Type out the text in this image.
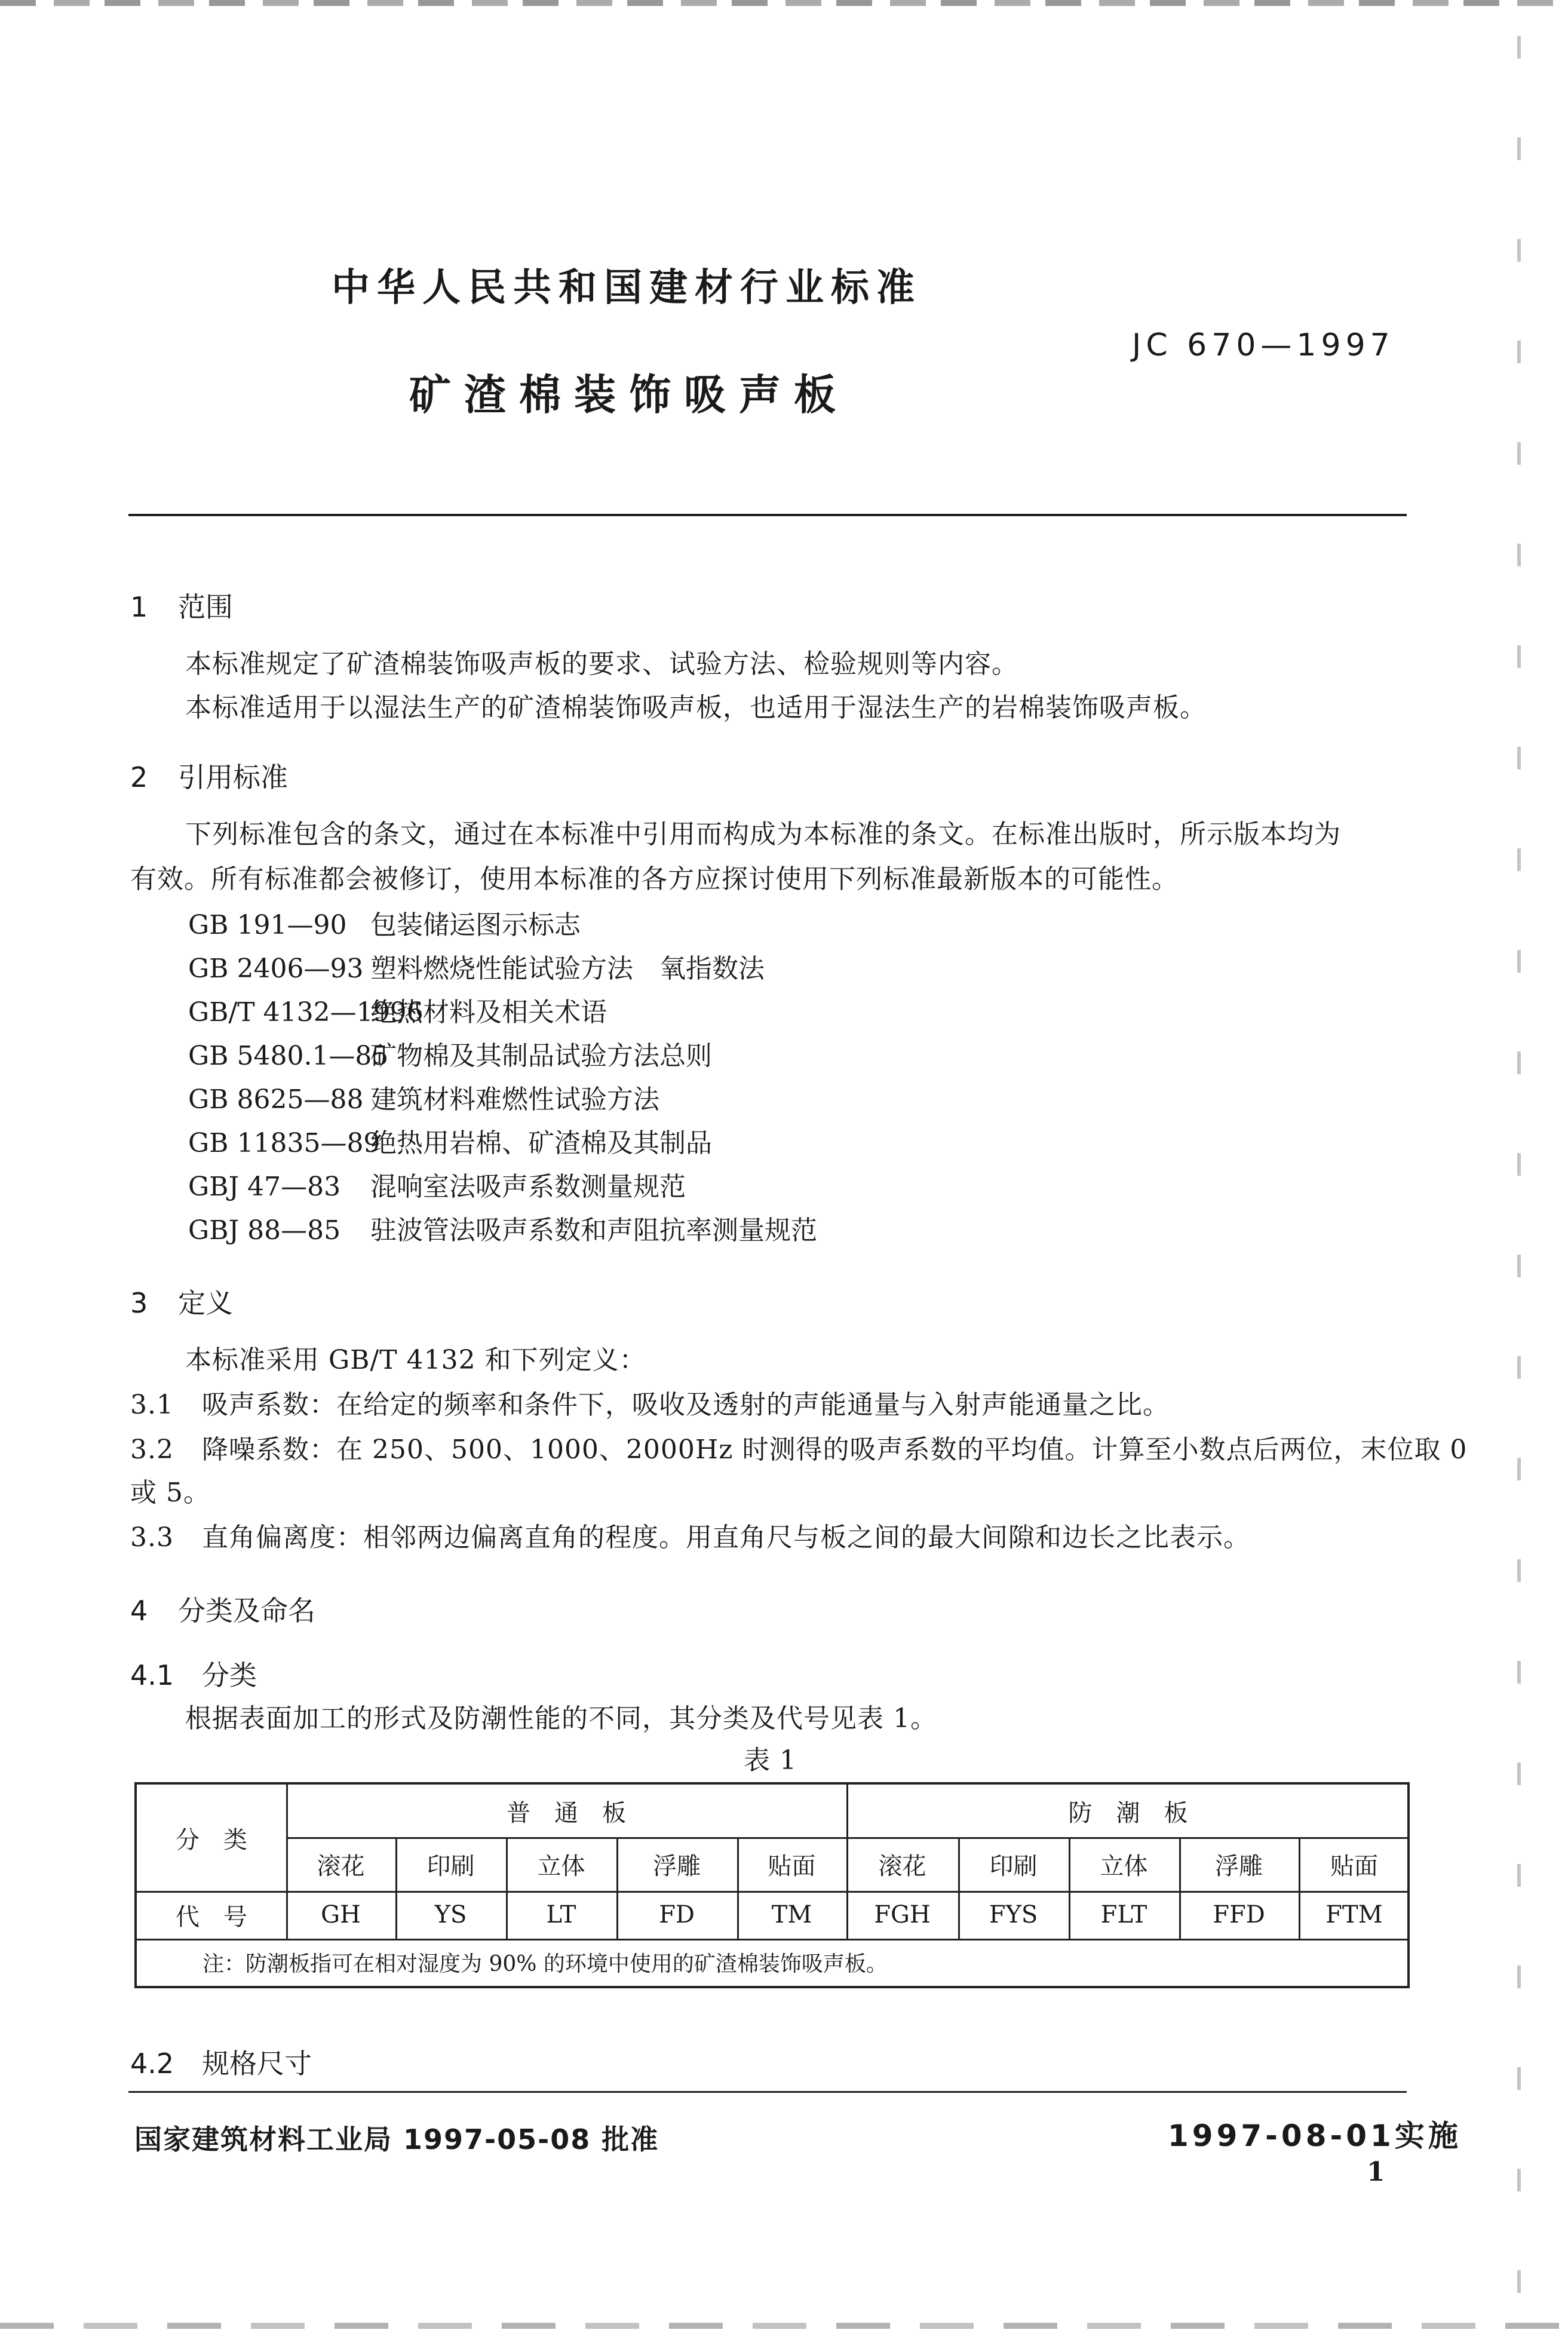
中华人民共和国建材行业标准
JC 670—1997
矿渣棉装饰吸声板
1 范围
本标准规定了矿渣棉装饰吸声板的要求、试验方法、检验规则等内容。
本标准适用于以湿法生产的矿渣棉装饰吸声板，也适用于湿法生产的岩棉装饰吸声板。
2 引用标准
下列标准包含的条文，通过在本标准中引用而构成为本标准的条文。在标准出版时，所示版本均为
有效。所有标准都会被修订，使用本标准的各方应探讨使用下列标准最新版本的可能性。
GB 191—90 包装储运图示标志
GB 2406—93 塑料燃烧性能试验方法　氧指数法
GB/T 4132—1996绝热材料及相关术语
GB 5480.1—85矿物棉及其制品试验方法总则
GB 8625—88 建筑材料难燃性试验方法
GB 11835—89绝热用岩棉、矿渣棉及其制品
GBJ 47—83 混响室法吸声系数测量规范
GBJ 88—85 驻波管法吸声系数和声阻抗率测量规范
3 定义
本标准采用 GB/T 4132 和下列定义：
3.1 吸声系数：在给定的频率和条件下，吸收及透射的声能通量与入射声能通量之比。
3.2 降噪系数：在 250、500、1000、2000Hz 时测得的吸声系数的平均值。计算至小数点后两位，末位取 0
或 5。
3.3 直角偏离度：相邻两边偏离直角的程度。用直角尺与板之间的最大间隙和边长之比表示。
4 分类及命名
4.1 分类
根据表面加工的形式及防潮性能的不同，其分类及代号见表 1。
表 1
分　类
普　通　板	防　潮　板
滚花	印刷	立体	浮雕	贴面	滚花	印刷	立体	浮雕	贴面
代　号	GH	YS	LT	FD	TM	FGH	FYS	FLT	FFD	FTM
注：防潮板指可在相对湿度为 90% 的环境中使用的矿渣棉装饰吸声板。
4.2 规格尺寸
国家建筑材料工业局 1997-05-08 批准	1997-08-01实施
1
